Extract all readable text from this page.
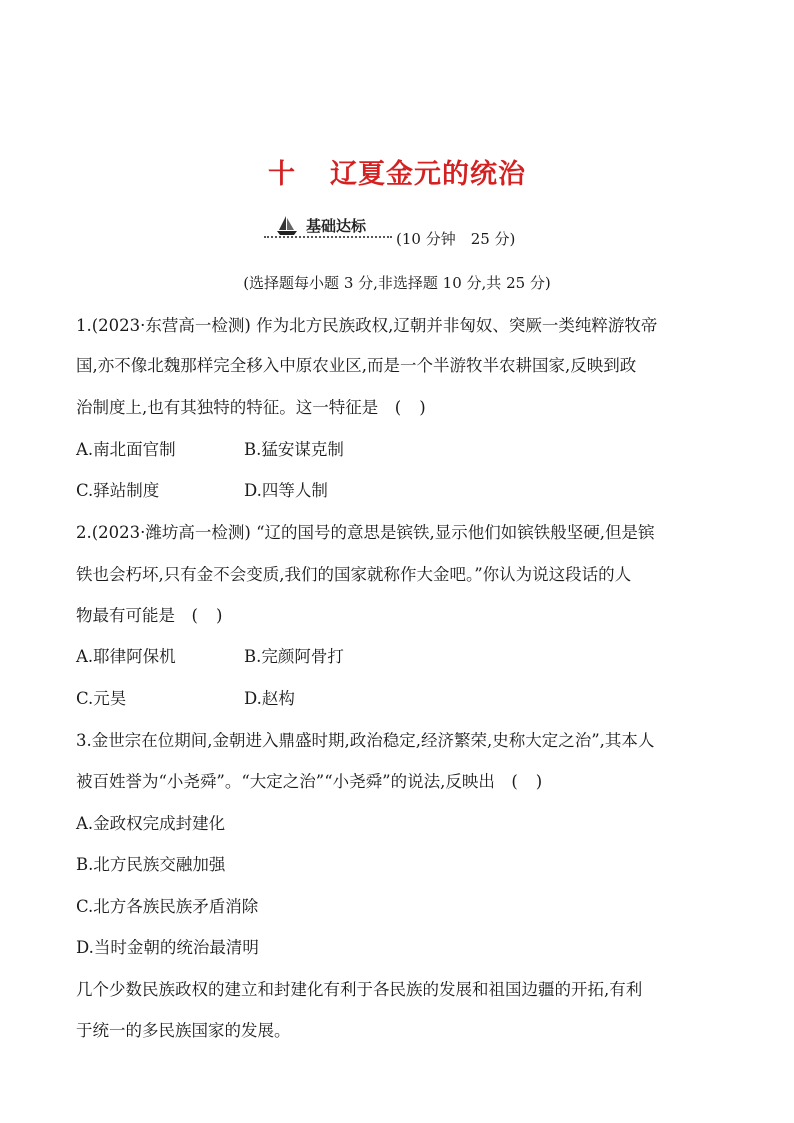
十 辽夏金元的统治
基础达标
(10 分钟　25 分)
(选择题每小题 3 分,非选择题 10 分,共 25 分)
1.(2023·东营高一检测) 作为北方民族政权,辽朝并非匈奴、突厥一类纯粹游牧帝
国,亦不像北魏那样完全移入中原农业区,而是一个半游牧半农耕国家,反映到政
治制度上,也有其独特的特征。这一特征是　( )
A.南北面官制	B.猛安谋克制
C.驿站制度	D.四等人制
2.(2023·潍坊高一检测) “辽的国号的意思是镔铁,显示他们如镔铁般坚硬,但是镔
铁也会朽坏,只有金不会变质,我们的国家就称作大金吧。”你认为说这段话的人
物最有可能是　( )
A.耶律阿保机	B.完颜阿骨打
C.元昊	D.赵构
3.金世宗在位期间,金朝进入鼎盛时期,政治稳定,经济繁荣,史称大定之治”,其本人
被百姓誉为“小尧舜”。“大定之治”“小尧舜”的说法,反映出　( )
A.金政权完成封建化
B.北方民族交融加强
C.北方各族民族矛盾消除
D.当时金朝的统治最清明
几个少数民族政权的建立和封建化有利于各民族的发展和祖国边疆的开拓,有利
于统一的多民族国家的发展。
